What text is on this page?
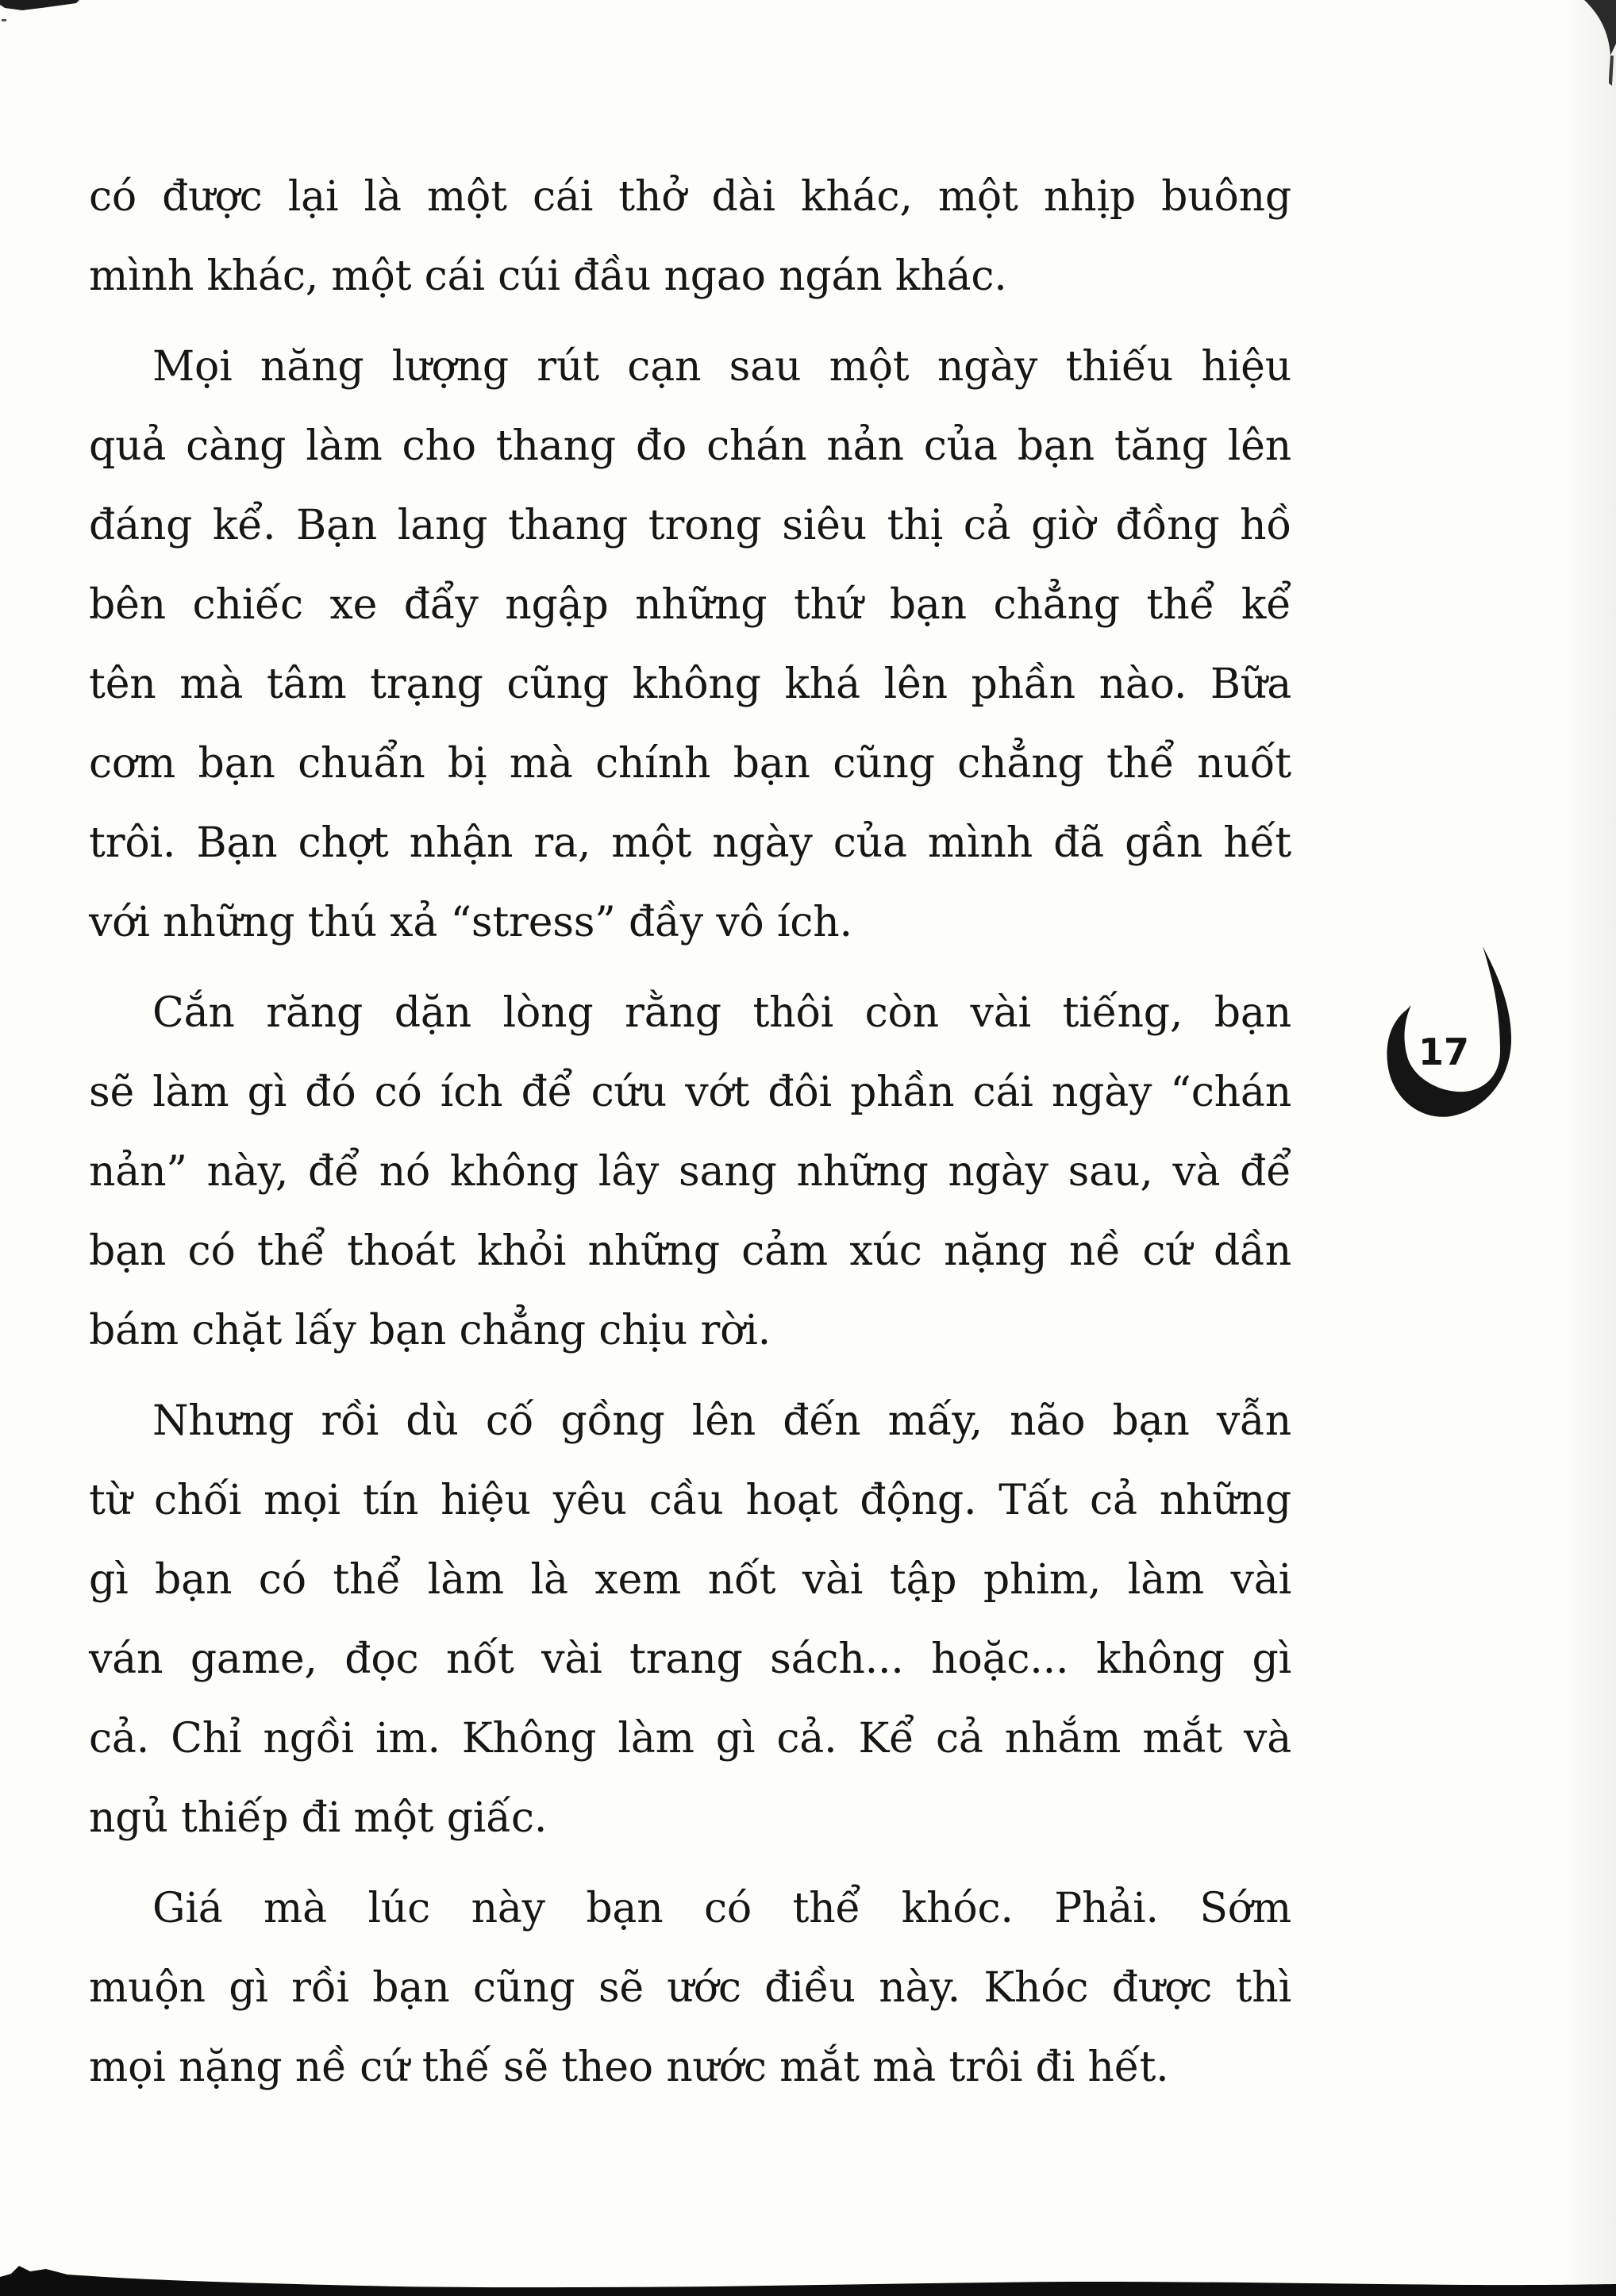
có được lại là một cái thở dài khác, một nhịp buông
mình khác, một cái cúi đầu ngao ngán khác.
Mọi năng lượng rút cạn sau một ngày thiếu hiệu
quả càng làm cho thang đo chán nản của bạn tăng lên
đáng kể. Bạn lang thang trong siêu thị cả giờ đồng hồ
bên chiếc xe đẩy ngập những thứ bạn chẳng thể kể
tên mà tâm trạng cũng không khá lên phần nào. Bữa
cơm bạn chuẩn bị mà chính bạn cũng chẳng thể nuốt
trôi. Bạn chợt nhận ra, một ngày của mình đã gần hết
với những thú xả “stress” đầy vô ích.
Cắn răng dặn lòng rằng thôi còn vài tiếng, bạn
sẽ làm gì đó có ích để cứu vớt đôi phần cái ngày “chán
nản” này, để nó không lây sang những ngày sau, và để
bạn có thể thoát khỏi những cảm xúc nặng nề cứ dần
bám chặt lấy bạn chẳng chịu rời.
Nhưng rồi dù cố gồng lên đến mấy, não bạn vẫn
từ chối mọi tín hiệu yêu cầu hoạt động. Tất cả những
gì bạn có thể làm là xem nốt vài tập phim, làm vài
ván game, đọc nốt vài trang sách... hoặc... không gì
cả. Chỉ ngồi im. Không làm gì cả. Kể cả nhắm mắt và
ngủ thiếp đi một giấc.
Giá mà lúc này bạn có thể khóc. Phải. Sớm
muộn gì rồi bạn cũng sẽ ước điều này. Khóc được thì
mọi nặng nề cứ thế sẽ theo nước mắt mà trôi đi hết.
17
